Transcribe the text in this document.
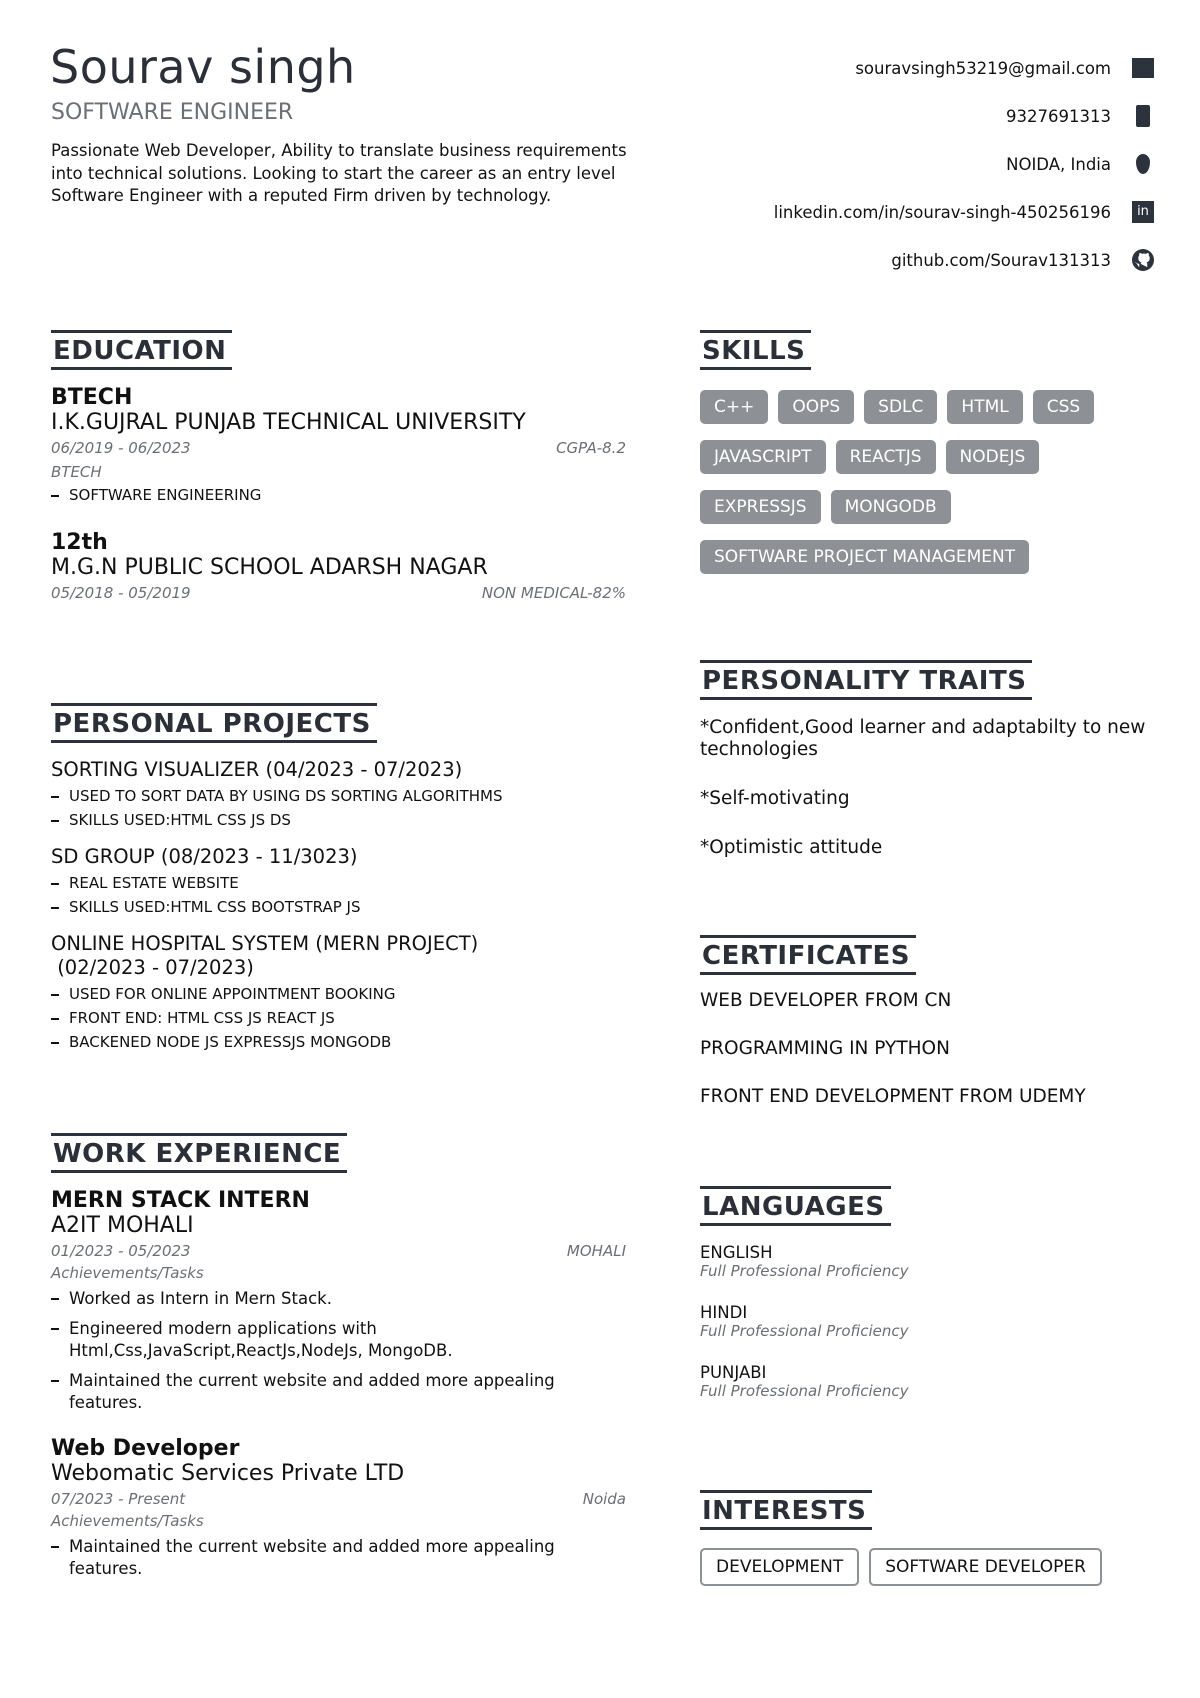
Sourav singh
SOFTWARE ENGINEER
Passionate Web Developer, Ability to translate business requirements into technical solutions. Looking to start the career as an entry level Software Engineer with a reputed Firm driven by technology.
souravsingh53219@gmail.com
9327691313
NOIDA, India
linkedin.com/in/sourav-singh-450256196	in
github.com/Sourav131313
EDUCATION
BTECH
I.K.GUJRAL PUNJAB TECHNICAL UNIVERSITY
06/2019 - 06/2023	CGPA-8.2
BTECH
SOFTWARE ENGINEERING
12th
M.G.N PUBLIC SCHOOL ADARSH NAGAR
05/2018 - 05/2019	NON MEDICAL-82%
PERSONAL PROJECTS
SORTING VISUALIZER (04/2023 - 07/2023)
USED TO SORT DATA BY USING DS SORTING ALGORITHMS
SKILLS USED:HTML CSS JS DS
SD GROUP (08/2023 - 11/3023)
REAL ESTATE WEBSITE
SKILLS USED:HTML CSS BOOTSTRAP JS
ONLINE HOSPITAL SYSTEM (MERN PROJECT)
(02/2023 - 07/2023)
USED FOR ONLINE APPOINTMENT BOOKING
FRONT END: HTML CSS JS REACT JS
BACKENED NODE JS EXPRESSJS MONGODB
WORK EXPERIENCE
MERN STACK INTERN
A2IT MOHALI
01/2023 - 05/2023	MOHALI
Achievements/Tasks
Worked as Intern in Mern Stack.
Engineered modern applications with Html,Css,JavaScript,ReactJs,NodeJs, MongoDB.
Maintained the current website and added more appealing features.
Web Developer
Webomatic Services Private LTD
07/2023 - Present	Noida
Achievements/Tasks
Maintained the current website and added more appealing features.
SKILLS
C++	OOPS	SDLC	HTML	CSS
JAVASCRIPT	REACTJS	NODEJS
EXPRESSJS	MONGODB
SOFTWARE PROJECT MANAGEMENT
PERSONALITY TRAITS
*Confident,Good learner and adaptabilty to new technologies
*Self-motivating
*Optimistic attitude
CERTIFICATES
WEB DEVELOPER FROM CN
PROGRAMMING IN PYTHON
FRONT END DEVELOPMENT FROM UDEMY
LANGUAGES
ENGLISH
Full Professional Proficiency
HINDI
Full Professional Proficiency
PUNJABI
Full Professional Proficiency
INTERESTS
DEVELOPMENT	SOFTWARE DEVELOPER
